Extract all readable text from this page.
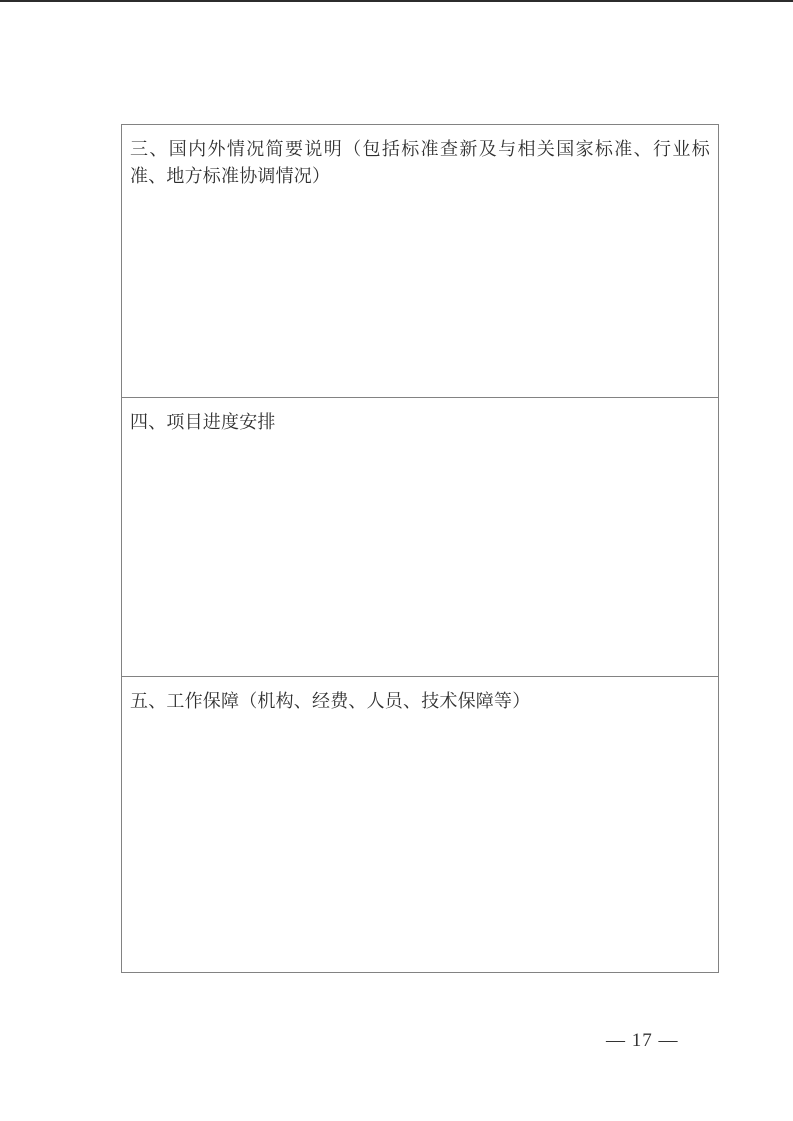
三、国内外情况简要说明（包括标准查新及与相关国家标准、行业标准、地方标准协调情况）
四、项目进度安排
五、工作保障（机构、经费、人员、技术保障等）
— 17 —
